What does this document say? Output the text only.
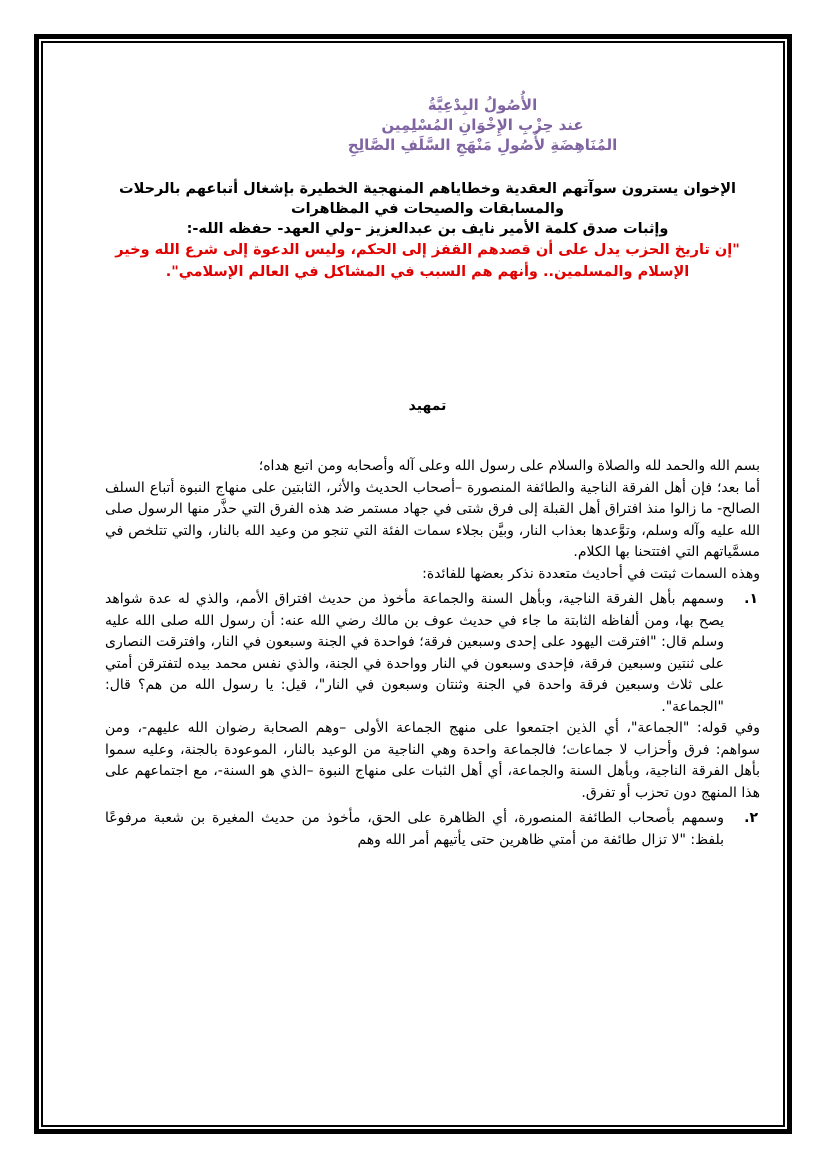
الأُصُولُ البِدْعِيَّةُ
عند حِزْبِ الإِخْوَانِ المُسْلِمِين
المُنَاهِضَةِ لأُصُولِ مَنْهَجِ السَّلَفِ الصَّالِحِ
الإخوان يسترون سوآتهم العقدية وخطاياهم المنهجية الخطيرة بإشغال أتباعهم بالرحلات
والمسابقات والصيحات في المظاهرات
وإثبات صدق كلمة الأمير نايف بن عبدالعزيز –ولي العهد- حفظه الله-:
"إن تاريخ الحزب يدل على أن قصدهم القفز إلى الحكم، وليس الدعوة إلى شرع الله وخير
الإسلام والمسلمين.. وأنهم هم السبب في المشاكل في العالم الإسلامي".
تمهيد

بسم الله والحمد لله والصلاة والسلام على رسول الله وعلى آله وأصحابه ومن اتبع هداه؛

أما بعد؛ فإن أهل الفرقة الناجية والطائفة المنصورة –أصحاب الحديث والأثر، الثابتين على منهاج النبوة أتباع السلف الصالح- ما زالوا منذ افتراق أهل القبلة إلى فرق شتى في جهاد مستمر ضد هذه الفرق التي حذَّر منها الرسول صلى الله عليه وآله وسلم، وتوَّعدها بعذاب النار، وبيَّن بجلاء سمات الفئة التي تنجو من وعيد الله بالنار، والتي تتلخص في مسمَّياتهم التي افتتحنا بها الكلام.

وهذه السمات ثبتت في أحاديث متعددة نذكر بعضها للفائدة:

١.

وسمهم بأهل الفرقة الناجية، وبأهل السنة والجماعة مأخوذ من حديث افتراق الأمم، والذي له عدة شواهد يصح بها، ومن ألفاظه الثابتة ما جاء في حديث عوف بن مالك رضي الله عنه: أن رسول الله صلى الله عليه وسلم قال: "افترقت اليهود على إحدى وسبعين فرقة؛ فواحدة في الجنة وسبعون في النار، وافترقت النصارى على ثنتين وسبعين فرقة، فإحدى وسبعون في النار وواحدة في الجنة، والذي نفس محمد بيده لتفترقن أمتي على ثلاث وسبعين فرقة واحدة في الجنة وثنتان وسبعون في النار"، قيل: يا رسول الله من هم؟ قال: "الجماعة".

وفي قوله: "الجماعة"، أي الذين اجتمعوا على منهج الجماعة الأولى –وهم الصحابة رضوان الله عليهم-، ومن سواهم: فرق وأحزاب لا جماعات؛ فالجماعة واحدة وهي الناجية من الوعيد بالنار، الموعودة بالجنة، وعليه سموا بأهل الفرقة الناجية، وبأهل السنة والجماعة، أي أهل الثبات على منهاج النبوة –الذي هو السنة-، مع اجتماعهم على هذا المنهج دون تحزب أو تفرق.

٢.

وسمهم بأصحاب الطائفة المنصورة، أي الظاهرة على الحق، مأخوذ من حديث المغيرة بن شعبة مرفوعًا بلفظ: "لا تزال طائفة من أمتي ظاهرين حتى يأتيهم أمر الله وهم
